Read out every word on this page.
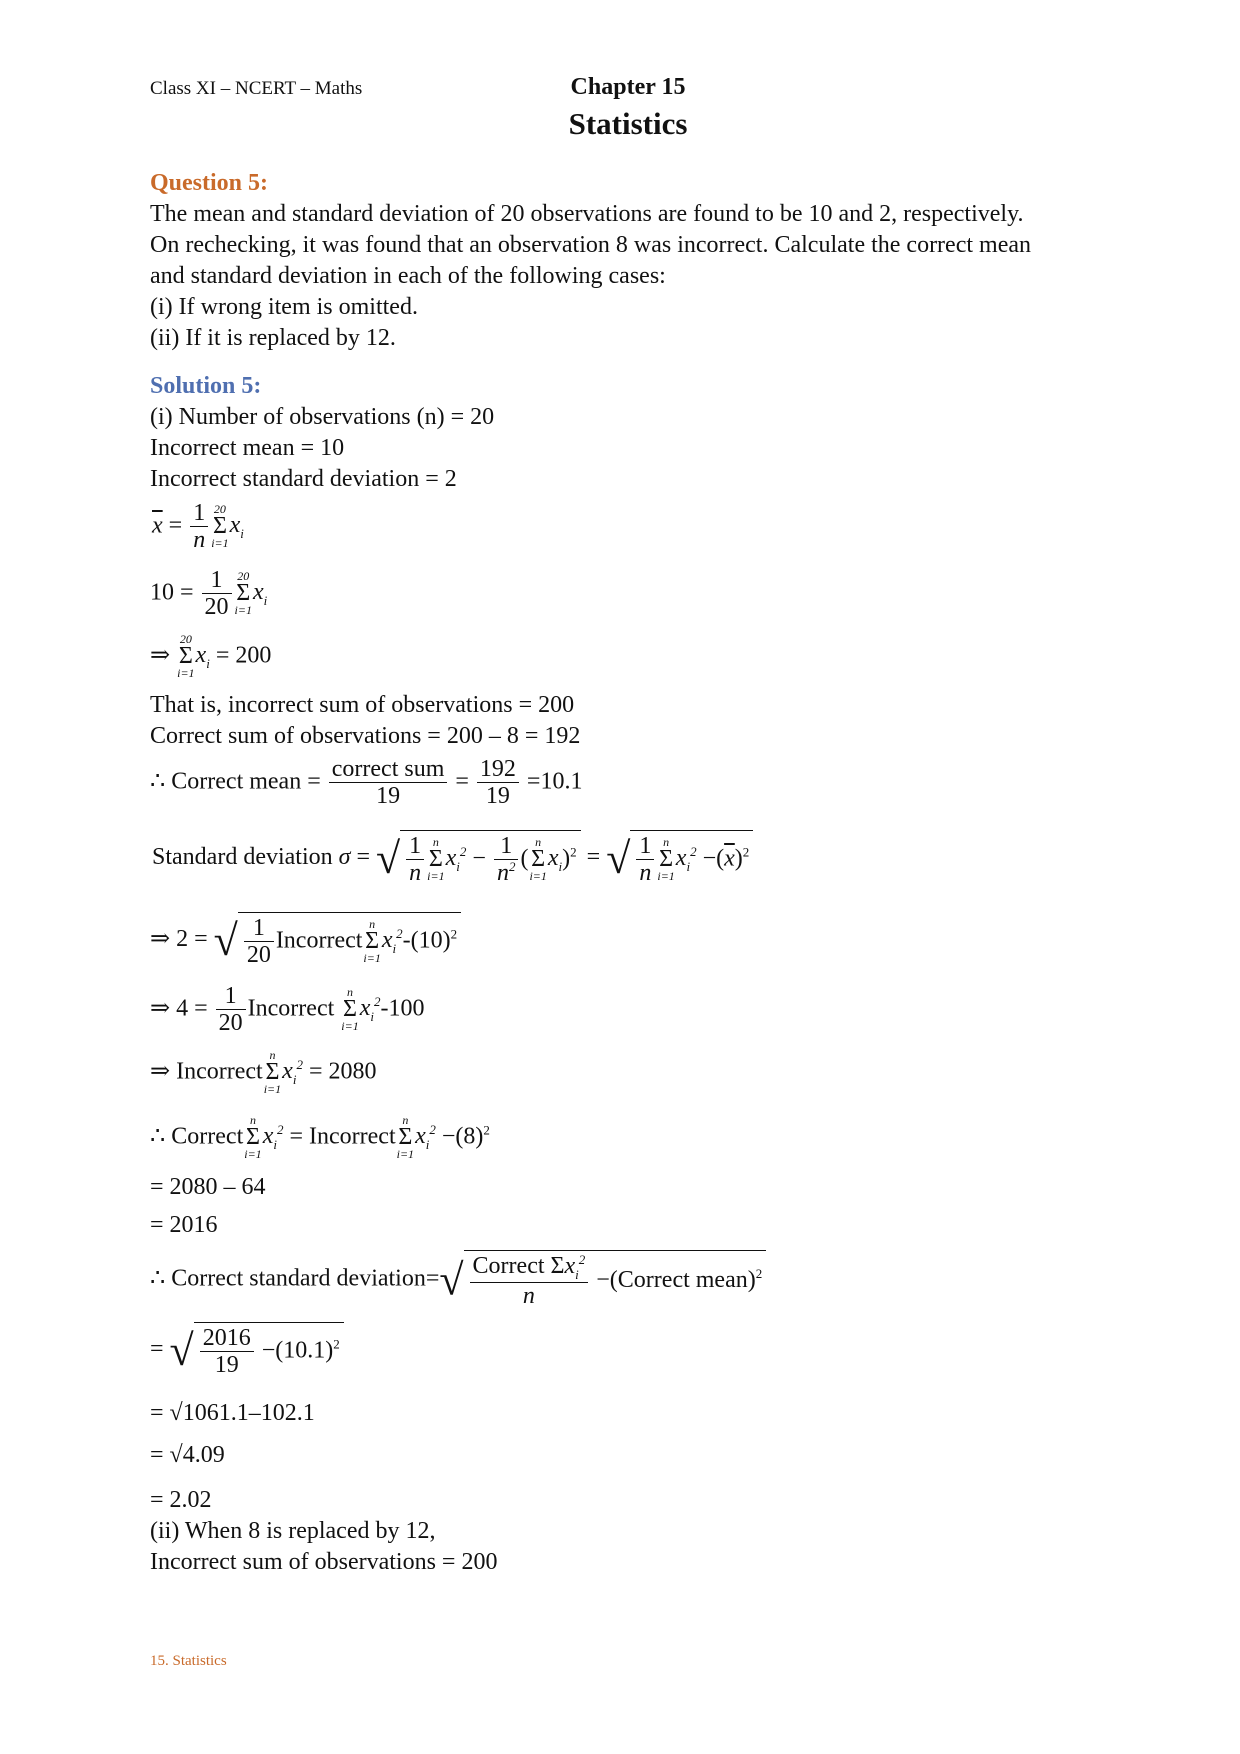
Class XI – NCERT – Maths	Chapter 15
Statistics
Question 5:
The mean and standard deviation of 20 observations are found to be 10 and 2, respectively.
On rechecking, it was found that an observation 8 was incorrect. Calculate the correct mean
and standard deviation in each of the following cases:
(i) If wrong item is omitted.
(ii) If it is replaced by 12.
Solution 5:
(i) Number of observations (n) = 20
Incorrect mean = 10
Incorrect standard deviation = 2
$\overline{x} = \frac{1}{n} 20$
Σ
i=1
$x_i$
$10 = \frac{1}{20} 20$
Σ
i=1
$x_i$
⇒
20
Σ
i=1
$x_i = 200$
That is, incorrect sum of observations = 200
Correct sum of observations = 200 – 8 = 192
∴ Correct mean = $\frac{\text{correct sum}}{19} = \frac{192}{19} =10.1$
Standard deviation σ = √ $\frac{1}{n}$ n
Σ
i=1
$x_i^2 - \frac{1}{n^2}$ (
n
Σ
i=1
$x_i)^2$ = √ $\frac{1}{n}$ n
Σ
i=1
$x_i^2 -(\overline{x})^2$
⇒ 2 = √ $\frac{1}{20}$ Incorrect
n
Σ
i=1
$x_i^2-(10)^2$
⇒ $4 = \frac{1}{20}$ Incorrect
n
Σ
i=1
$x_i^2-100$
⇒ Incorrect
n
Σ
i=1
$x_i^2 = 2080$
∴ Correct
n
Σ
i=1
$x_i^2$ = Incorrect
n
Σ
i=1
$x_i^2 -(8)^2$
= 2080 – 64
= 2016
∴ Correct standard deviation=√ $\frac{Correct \Sigma x_i^2}{n}$ −(Correct mean)$^2$
= √ $\frac{2016}{19} -(10.1)^2$
= √1061.1–102.1
= √4.09
= 2.02
(ii) When 8 is replaced by 12,
Incorrect sum of observations = 200
15. Statistics
